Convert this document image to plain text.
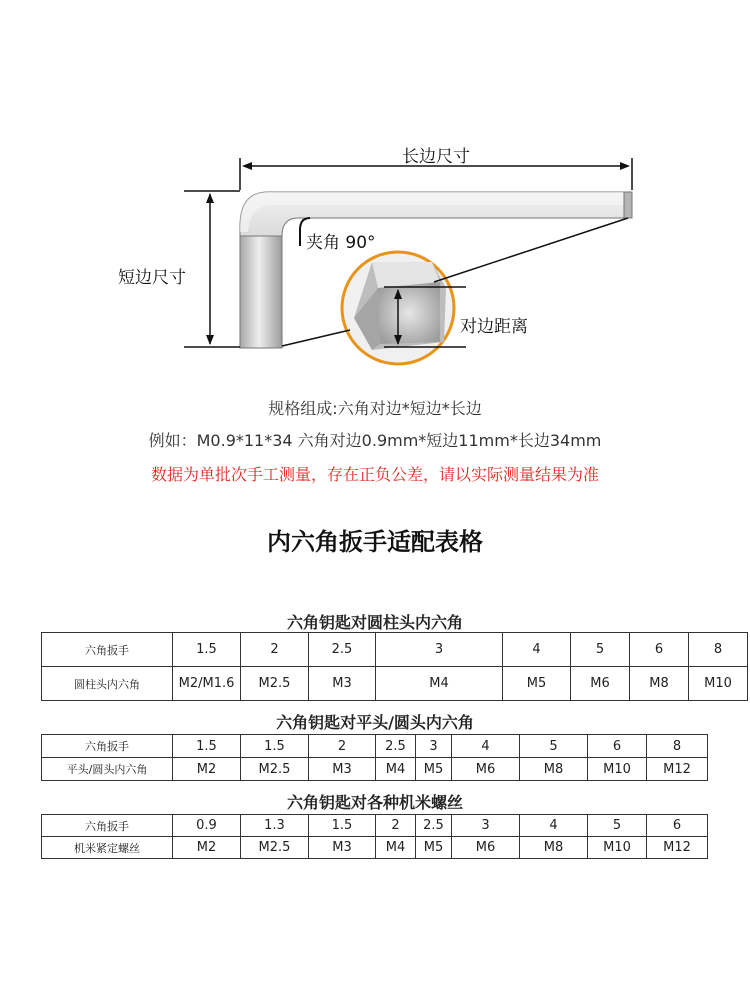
长边尺寸
短边尺寸
夹角 90°
对边距离
规格组成:六角对边*短边*长边
例如：M0.9*11*34 六角对边0.9mm*短边11mm*长边34mm
数据为单批次手工测量，存在正负公差，请以实际测量结果为准
内六角扳手适配表格
六角钥匙对圆柱头内六角
六角扳手	1.5	2	2.5	3	4	5	6	8
圆柱头内六角	M2/M1.6	M2.5	M3	M4	M5	M6	M8	M10
六角钥匙对平头/圆头内六角
六角扳手	1.5	1.5	2	2.5	3	4	5	6	8
平头/圆头内六角	M2	M2.5	M3	M4	M5	M6	M8	M10	M12
六角钥匙对各种机米螺丝
六角扳手	0.9	1.3	1.5	2	2.5	3	4	5	6
机米紧定螺丝	M2	M2.5	M3	M4	M5	M6	M8	M10	M12
